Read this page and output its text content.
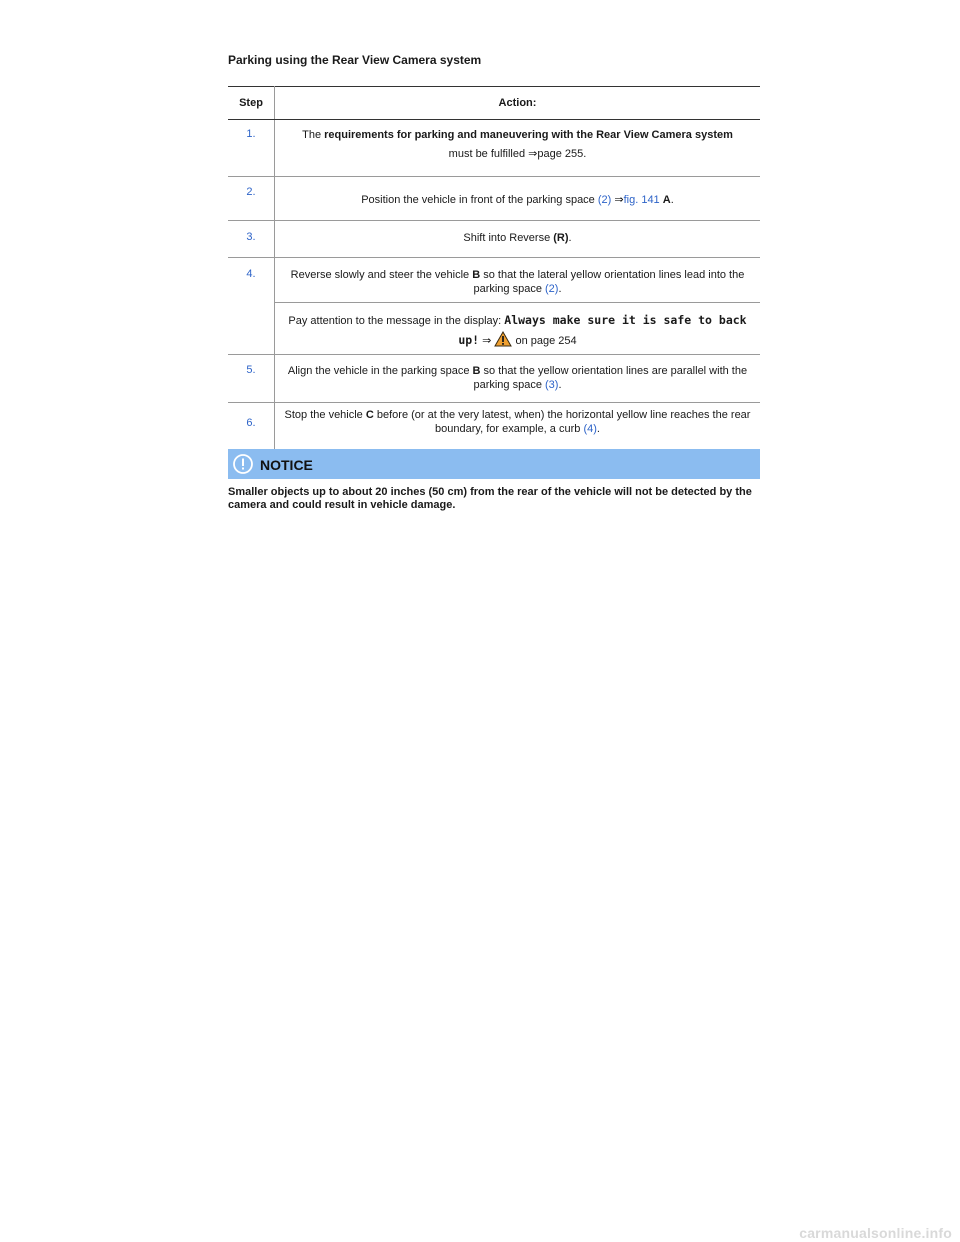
Parking using the Rear View Camera system
Step	Action:
1.	The requirements for parking and maneuvering with the Rear View Camera system
must be fulfilled ⇒page 255.

2.	Position the vehicle in front of the parking space (2) ⇒fig. 141 A.
3.	Shift into Reverse (R).
4.	Reverse slowly and steer the vehicle B so that the lateral yellow orientation lines lead into the parking space (2).
	Pay attention to the message in the display: Always make sure it is safe to back up! ⇒  on page 254
5.	Align the vehicle in the parking space B so that the yellow orientation lines are parallel with the parking space (3).
6.	Stop the vehicle C before (or at the very latest, when) the horizontal yellow line reaches the rear boundary, for example, a curb (4).
NOTICE
Smaller objects up to about 20 inches (50 cm) from the rear of the vehicle will not be detected by the camera and could result in vehicle damage.
carmanualsonline.info
